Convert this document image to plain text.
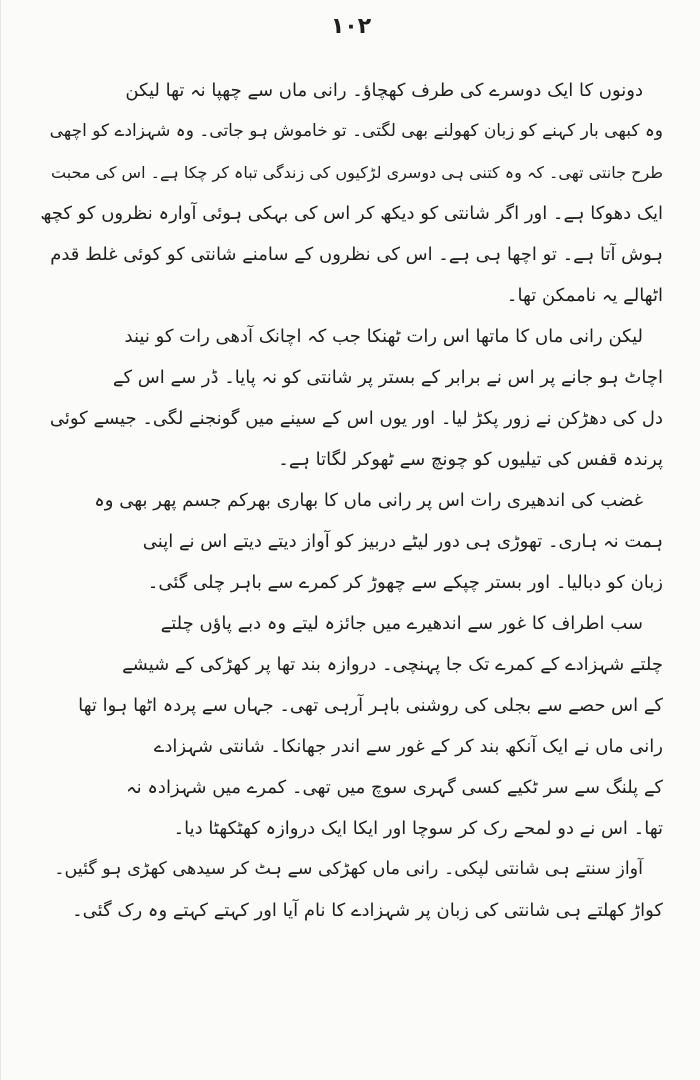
۱۰۲
دونوں کا ایک دوسرے کی طرف کھچاؤ۔ رانی ماں سے چھپا نہ تھا لیکن
وہ کبھی بار کہنے کو زبان کھولنے بھی لگتی۔ تو خاموش ہو جاتی۔ وہ شہزادے کو اچھی
طرح جانتی تھی۔ کہ وہ کتنی ہی دوسری لڑکیوں کی زندگی تباہ کر چکا ہے۔ اس کی محبت
ایک دھوکا ہے۔ اور اگر شانتی کو دیکھ کر اس کی بہکی ہوئی آوارہ نظروں کو کچھ
ہوش آتا ہے۔ تو اچھا ہی ہے۔ اس کی نظروں کے سامنے شانتی کو کوئی غلط قدم
اٹھالے یہ ناممکن تھا۔
لیکن رانی ماں کا ماتھا اس رات ٹھنکا جب کہ اچانک آدھی رات کو نیند
اچاٹ ہو جانے پر اس نے برابر کے بستر پر شانتی کو نہ پایا۔ ڈر سے اس کے
دل کی دھڑکن نے زور پکڑ لیا۔ اور یوں اس کے سینے میں گونجنے لگی۔ جیسے کوئی
پرندہ قفس کی تیلیوں کو چونچ سے ٹھوکر لگاتا ہے۔
غضب کی اندھیری رات اس پر رانی ماں کا بھاری بھرکم جسم پھر بھی وہ
ہمت نہ ہاری۔ تھوڑی ہی دور لیٹے دربیز کو آواز دیتے دیتے اس نے اپنی
زبان کو دبالیا۔ اور بستر چپکے سے چھوڑ کر کمرے سے باہر چلی گئی۔
سب اطراف کا غور سے اندھیرے میں جائزہ لیتے وہ دبے پاؤں چلتے
چلتے شہزادے کے کمرے تک جا پہنچی۔ دروازہ بند تھا پر کھڑکی کے شیشے
کے اس حصے سے بجلی کی روشنی باہر آرہی تھی۔ جہاں سے پردہ اٹھا ہوا تھا
رانی ماں نے ایک آنکھ بند کر کے غور سے اندر جھانکا۔ شانتی شہزادے
کے پلنگ سے سر ٹکیے کسی گہری سوچ میں تھی۔ کمرے میں شہزادہ نہ
تھا۔ اس نے دو لمحے رک کر سوچا اور ایکا ایک دروازہ کھٹکھٹا دیا۔
آواز سنتے ہی شانتی لپکی۔ رانی ماں کھڑکی سے ہٹ کر سیدھی کھڑی ہو گئیں۔
کواڑ کھلتے ہی شانتی کی زبان پر شہزادے کا نام آیا اور کہتے کہتے وہ رک گئی۔
